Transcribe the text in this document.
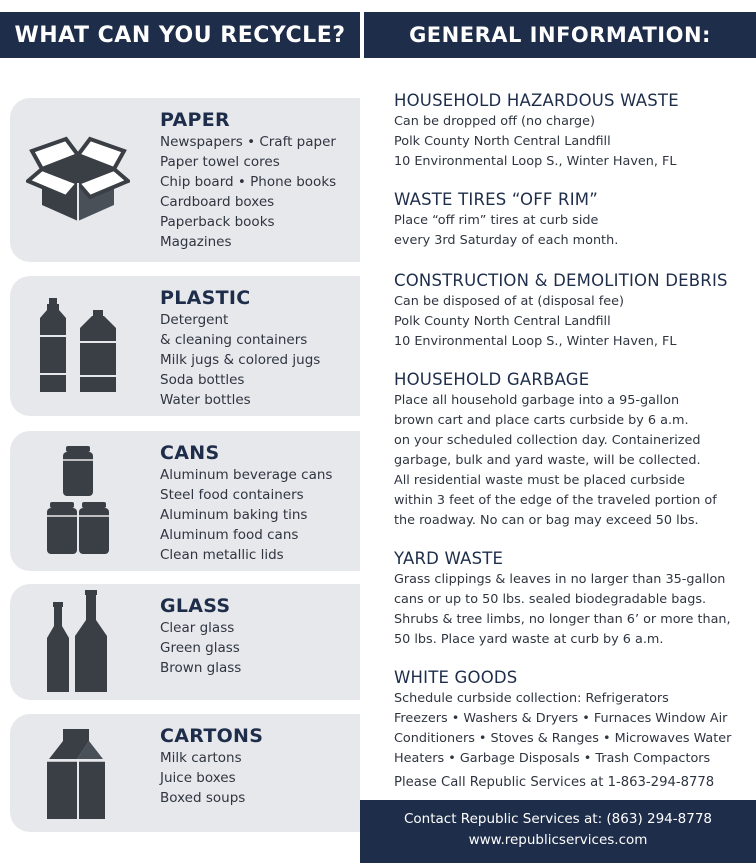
WHAT CAN YOU RECYCLE?	GENERAL INFORMATION:
PAPER
Newspapers • Craft paper
Paper towel cores
Chip board • Phone books
Cardboard boxes
Paperback books
Magazines
PLASTIC
Detergent
& cleaning containers
Milk jugs & colored jugs
Soda bottles
Water bottles
CANS
Aluminum beverage cans
Steel food containers
Aluminum baking tins
Aluminum food cans
Clean metallic lids
GLASS
Clear glass
Green glass
Brown glass
CARTONS
Milk cartons
Juice boxes
Boxed soups
HOUSEHOLD HAZARDOUS WASTE

Can be dropped off (no charge)

Polk County North Central Landfill

10 Environmental Loop S., Winter Haven, FL

WASTE TIRES “OFF RIM”

Place “off rim” tires at curb side

every 3rd Saturday of each month.

CONSTRUCTION & DEMOLITION DEBRIS

Can be disposed of at (disposal fee)

Polk County North Central Landfill

10 Environmental Loop S., Winter Haven, FL

HOUSEHOLD GARBAGE

Place all household garbage into a 95-gallon

brown cart and place carts curbside by 6 a.m.

on your scheduled collection day. Containerized

garbage, bulk and yard waste, will be collected.

All residential waste must be placed curbside

within 3 feet of the edge of the traveled portion of

the roadway. No can or bag may exceed 50 lbs.

YARD WASTE

Grass clippings & leaves in no larger than 35-gallon

cans or up to 50 lbs. sealed biodegradable bags.

Shrubs & tree limbs, no longer than 6’ or more than,

50 lbs. Place yard waste at curb by 6 a.m.

WHITE GOODS

Schedule curbside collection: Refrigerators

Freezers • Washers & Dryers • Furnaces Window Air

Conditioners • Stoves & Ranges • Microwaves Water

Heaters • Garbage Disposals • Trash Compactors

Please Call Republic Services at 1-863-294-8778

Contact Republic Services at: (863) 294-8778
www.republicservices.com
